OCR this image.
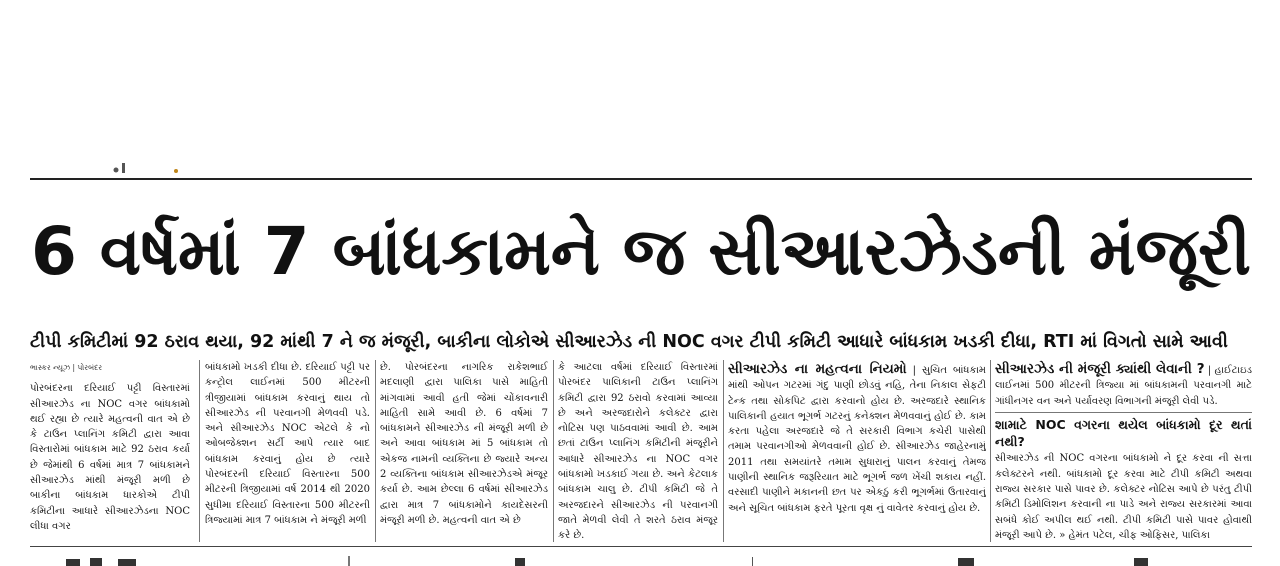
6 વર્ષમાં 7 બાંધકામને જ સીઆરઝેડની મંજૂરી
ટીપી કમિટીમાં 92 ઠરાવ થયા, 92 માંથી 7 ને જ મંજૂરી, બાકીના લોકોએ સીઆરઝેડ ની NOC વગર ટીપી કમિટી આધારે બાંધકામ ખડકી દીધા, RTI માં વિગતો સામે આવી
ભાસ્કર ન્યૂઝ | પોરબંદર

પોરબંદરના દરિયાઈ પટ્ટી વિસ્તારમાં સીઆરઝેડ ના NOC વગર બાંધકામો થઈ રહ્યા છે ત્યારે મહત્વની વાત એ છે કે ટાઉન પ્લાનિંગ કમિટી દ્વારા આવા વિસ્તારોમાં બાંધકામ માટે 92 ઠરાવ કર્યા છે જેમાંથી 6 વર્ષમાં માત્ર 7 બાંધકામને સીઆરઝેડ માંથી મંજૂરી મળી છે બાકીના બાંધકામ ધારકોએ ટીપી કમિટીના આધારે સીઆરઝેડના NOC લીધા વગર

બાંધકામો ખડકી દીધા છે. દરિયાઈ પટ્ટી પર કન્ટ્રોલ લાઈનમાં 500 મીટરની ત્રીજીયામાં બાંધકામ કરવાનું થાય તો સીઆરઝેડ ની પરવાનગી મેળવવી પડે. અને સીઆરઝેડ NOC એટલે કે નો ઓબજેક્શન સર્ટી આપે ત્યાર બાદ બાંધકામ કરવાનું હોય છે ત્યારે પોરબંદરની દરિયાઈ વિસ્તારના 500 મીટરની ત્રિજીયામાં વર્ષ 2014 થી 2020 સુધીમા દરિયાઈ વિસ્તારના 500 મીટરની ત્રિજ્યામાં માત્ર 7 બાંધકામ ને મંજૂરી મળી

છે. પોરબંદરના નાગરિક રાકેશભાઈ મદલાણી દ્વારા પાલિકા પાસે માહિતી માંગવામાં આવી હતી જેમાં ચોંકાવનારી માહિતી સામે આવી છે. 6 વર્ષમાં 7 બાંધકામને સીઆરઝેડ ની મંજૂરી મળી છે અને આવા બાંધકામ માં 5 બાંધકામ તો એકજ નામની વ્યક્તિના છે જ્યારે અન્ય 2 વ્યક્તિના બાંધકામ સીઆરઝેડએ મંજૂર કર્યા છે. આમ છેલ્લા 6 વર્ષમાં સીઆરઝેડ દ્વારા માત્ર 7 બાંધકામોને કાયદેસરની મંજૂરી મળી છે. મહત્વની વાત એ છે

કે આટલા વર્ષમાં દરિયાઈ વિસ્તારમાં પોરબંદર પાલિકાની ટાઉન પ્લાનિંગ કમિટી દ્વારા 92 ઠરાવો કરવામાં આવ્યા છે અને અરજદારોને કલેક્ટર દ્વારા નોટિસ પણ પાઠવવામાં આવી છે. આમ છતાં ટાઉન પ્લાનિંગ કમિટીની મંજૂરીને આધારે સીઆરઝેડ ના NOC વગર બાંધકામો ખડકાઈ ગયા છે. અને કેટલાક બાંધકામ ચાલુ છે. ટીપી કમિટી જે તે અરજદારને સીઆરઝેડ ની પરવાનગી જાતે મેળવી લેવી તે શરતે ઠરાવ મંજૂર કરે છે.

સીઆરઝેડ ના મહત્વના નિયમો | સુચિત બાંધકામ માંથી ઓપન ગટરમાં ગંદુ પાણી છોડવું નહિ, તેના નિકાલ સેફટી ટેન્ક તથા સોકપિટ દ્વારા કરવાનો હોય છે. અરજદારે સ્થાનિક પાલિકાની હયાત ભૂગર્ભ ગટરનું કનેક્શન મેળવવાનું હોઈ છે. કામ કરતા પહેલા અરજદારે જે તે સરકારી વિભાગ કચેરી પાસેથી તમામ પરવાનગીઓ મેળવવાની હોઈ છે. સીઆરઝેડ જાહેરનામું 2011 તથા સમયાંતરે તમામ સુધારાનું પાલન કરવાનું તેમજ પાણીની સ્થાનિક જરૂરિયાત માટે ભૂગર્ભ જળ ખેંચી શકાય નહીં. વરસાદી પાણીને મકાનની છત પર એકઠું કરી ભૂગર્ભમાં ઉતારવાનું અને સૂચિત બાંધકામ ફરતે પૂરતા વૃક્ષ નું વાવેતર કરવાનું હોય છે.

સીઆરઝેડ ની મંજૂરી ક્યાંથી લેવાની ? | હાઈટાઇડ લાઈનમાં 500 મીટરની ત્રિજ્યા માં બાંધકામની પરવાનગી માટે ગાંધીનગર વન અને પર્યાવરણ વિભાગની મંજૂરી લેવી પડે.

શામાટે NOC વગરના થયેલ બાંધકામો દૂર થતાં નથી?

સીઆરઝેડ ની NOC વગરના બાંધકામો ને દૂર કરવા ની સત્તા કલેક્ટરને નથી. બાંધકામો દૂર કરવા માટે ટીપી કમિટી અથવા રાજ્ય સરકાર પાસે પાવર છે. કલેક્ટર નોટિસ આપે છે પરંતુ ટીપી કમિટી ડિમોલિશન કરવાની ના પાડે અને રાજ્ય સરકારમાં આવા સબંધે કોઈ અપીલ થઈ નથી. ટીપી કમિટી પાસે પાવર હોવાથી મંજૂરી આપે છે. » હેમંત પટેલ, ચીફ ઓફિસર, પાલિકા
